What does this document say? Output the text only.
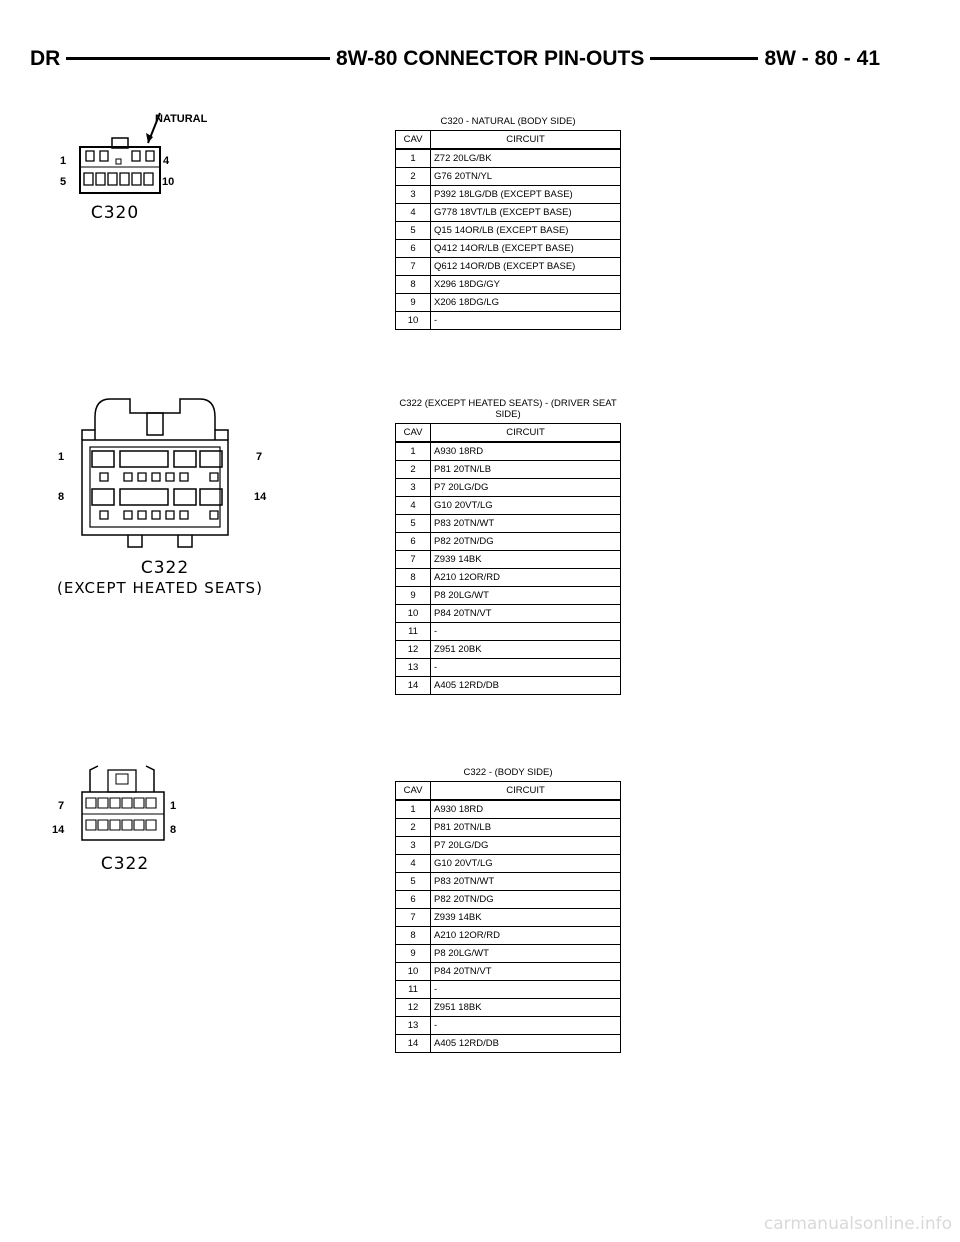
DR	8W-80 CONNECTOR PIN-OUTS	8W - 80 - 41
NATURAL
1	4
5	10
C320
1	7
8	14
C322
(EXCEPT HEATED SEATS)
7	1
14	8
C322
C320 - NATURAL (BODY SIDE)
CAV	CIRCUIT
1	Z72 20LG/BK
2	G76 20TN/YL
3	P392 18LG/DB (EXCEPT BASE)
4	G778 18VT/LB (EXCEPT BASE)
5	Q15 14OR/LB (EXCEPT BASE)
6	Q412 14OR/LB (EXCEPT BASE)
7	Q612 14OR/DB (EXCEPT BASE)
8	X296 18DG/GY
9	X206 18DG/LG
10	-
C322 (EXCEPT HEATED SEATS) - (DRIVER SEAT SIDE)
CAV	CIRCUIT
1	A930 18RD
2	P81 20TN/LB
3	P7 20LG/DG
4	G10 20VT/LG
5	P83 20TN/WT
6	P82 20TN/DG
7	Z939 14BK
8	A210 12OR/RD
9	P8 20LG/WT
10	P84 20TN/VT
11	-
12	Z951 20BK
13	-
14	A405 12RD/DB
C322 - (BODY SIDE)
CAV	CIRCUIT
1	A930 18RD
2	P81 20TN/LB
3	P7 20LG/DG
4	G10 20VT/LG
5	P83 20TN/WT
6	P82 20TN/DG
7	Z939 14BK
8	A210 12OR/RD
9	P8 20LG/WT
10	P84 20TN/VT
11	-
12	Z951 18BK
13	-
14	A405 12RD/DB
carmanualsonline.info
